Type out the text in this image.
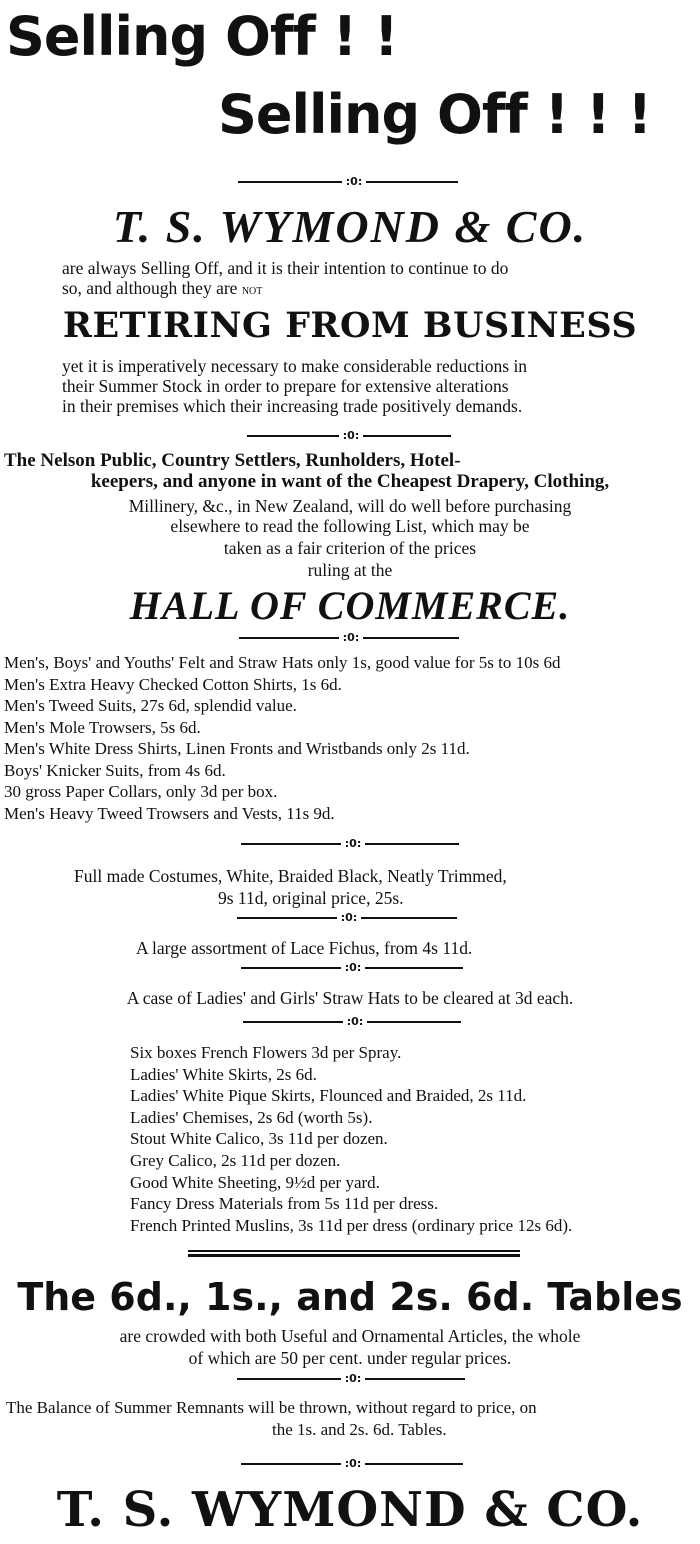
Selling Off ! !
Selling Off ! ! !
:0:
T. S. WYMOND & CO.
are always Selling Off, and it is their intention to continue to do
so, and although they are not
RETIRING FROM BUSINESS
yet it is imperatively necessary to make considerable reductions in
their Summer Stock in order to prepare for extensive alterations
in their premises which their increasing trade positively demands.
:0:
The Nelson Public, Country Settlers, Runholders, Hotel-
keepers, and anyone in want of the Cheapest Drapery, Clothing,
Millinery, &c., in New Zealand, will do well before purchasing
elsewhere to read the following List, which may be
taken as a fair criterion of the prices
ruling at the
HALL OF COMMERCE.
:0:
Men's, Boys' and Youths' Felt and Straw Hats only 1s, good value for 5s to 10s 6d
Men's Extra Heavy Checked Cotton Shirts, 1s 6d.
Men's Tweed Suits, 27s 6d, splendid value.
Men's Mole Trowsers, 5s 6d.
Men's White Dress Shirts, Linen Fronts and Wristbands only 2s 11d.
Boys' Knicker Suits, from 4s 6d.
30 gross Paper Collars, only 3d per box.
Men's Heavy Tweed Trowsers and Vests, 11s 9d.
:0:
Full made Costumes, White, Braided Black, Neatly Trimmed,
9s 11d, original price, 25s.
:0:
A large assortment of Lace Fichus, from 4s 11d.
:0:
A case of Ladies' and Girls' Straw Hats to be cleared at 3d each.
:0:
Six boxes French Flowers 3d per Spray.
Ladies' White Skirts, 2s 6d.
Ladies' White Pique Skirts, Flounced and Braided, 2s 11d.
Ladies' Chemises, 2s 6d (worth 5s).
Stout White Calico, 3s 11d per dozen.
Grey Calico, 2s 11d per dozen.
Good White Sheeting, 9½d per yard.
Fancy Dress Materials from 5s 11d per dress.
French Printed Muslins, 3s 11d per dress (ordinary price 12s 6d).
The 6d., 1s., and 2s. 6d. Tables
are crowded with both Useful and Ornamental Articles, the whole
of which are 50 per cent. under regular prices.
:0:
The Balance of Summer Remnants will be thrown, without regard to price, on
the 1s. and 2s. 6d. Tables.
:0:
T. S. WYMOND & CO.
